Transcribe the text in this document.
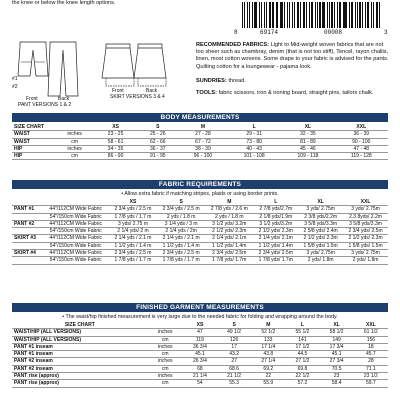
the knee or below the knee length options.
8	69174	00008	3
#1
#2
Front	Back
PANT VERSIONS 1 & 2
Front	Back
SKIRT VERSIONS 3 & 4
RECOMMENDED FABRICS: Light to Mid-weight woven fabrics that are not too sheer such as chambray, denim (that is not too stiff), Tencel, rayon challis, linen, most cotton wovens. Some drape to your fabric is advised for the pants. Quilting cotton for a loungewear - pajama look.
SUNDRIES: thread.
TOOLS: fabric scissors, iron & ironing board, straight pins, tailors chalk.
BODY MEASUREMENTS
SIZE CHART		XS	S	M	L	XL	XXL
WAIST	inches	23 - 25	25 - 26	27 - 28	29 - 31	32 - 35	36 - 39
WAIST	cm	58 - 61	62 - 66	67 - 72	73 - 80	81 - 89	90 - 100
HIP	inches	34 - 35	36 - 37	38 - 39	40 - 43	45 - 46	47 - 48
HIP	cm	86 - 90	91 - 95	96 - 100	101 - 108	109 - 118	119 - 128
FABRIC REQUIREMENTS
• Allow extra fabric if matching stripes, plaids or using border prints.
		XS	S	M	L	XL	XXL
PANT #1	44"/112CM Wide Fabric	2 3/4 yds / 2.5 m	2 3/4 yds / 2.5 m	2 7/8 yds / 2.6 m	2 7/8 yds/2.7m	3 yds/ 2.75m	3 yds/ 2.75m
	54"/150cm Wide Fabric	1 7/8 yds / 1.7 m	2 yds / 1.8 m	2 yds / 1.8 m	2 1/8 yds/1.9m	2 3/8 yds/2.2m	2.3 8yds/ 2.2m
PANT #2	44"/112CM Wide Fabric	3 yds/ 2.75 m	3 1/4 yds / 3 m	3 1/2 yds/ 3.2m	3 1/2 yds/3.2m	3 5/8 yds/3.3m	3 5/8 yds/3.3m
	54"/150cm Wide Fabric	2 1/4 yds/ 2 m	2 1/4 yds / 2m	2 1/2 yds/ 2.3m	2 1/2 yds/ 2.3m	2 5/8 yds/ 2.4m	2 3/4 yds/ 2.5m
SKIRT #3	44"/112CM Wide Fabric	2 1/4 yds / 2.1 m	2 1/4 yds / 2.1 m	2 1/4 yds/ 2.1m	2 1/4 yds/ 2.1m	2 1/2 yds/ 2.3m	2 1/2 yds/ 2.3m
	54"/150cm Wide Fabric	1 1/2 yds / 1.4 m	1 1/2 yds / 1.4 m	1 1/2 yds/ 1.4m	1 1/2 yds/ 1.4m	1 5/8 yds/ 1.5m	1 5/8 yds/ 1.5m
SKIRT #4	44"/112CM Wide Fabric	2 3/4 yds / 2.5 m	2 3/4 yds / 2.5 m	2 3/4 yds/ 2.5m	2 3/4 yds/ 2.5m	3 yds/ 2.75m	3 yds/ 2.75m
	54"/150cm Wide Fabric	1 7/8 yds / 1.7 m	1 7/8 yds / 1.7 m	1 7/8 yds/ 1.7m	1 7/8 yds/ 1.7m	2 yds/ 1.8m	2 yds/ 1.8m
FINISHED GARMENT MEASUREMENTS
• The waist/hip finished measurement is very large due to the needed fabric for folding and wrapping around the body.
SIZE CHART		XS	S	M	L	XL	XXL
WAIST/HIP (ALL VERSIONS)	inches	47	49 1/2	52 1/2	55 1/2	58 1/2	61 1/2
WAIST/HIP (ALL VERSIONS)	cm	119	126	133	141	149	156
PANT #1 inseam	inches	36 3/4	17	17 1/4	17 1/2	17 3/4	18
PANT #1 inseam	cm	45.1	43.2	43.8	44.5	45.1	45.7
PANT #2 inseam	inches	26 3/4	27	27 1/4	27 1/2	27 3/4	28
PANT #2 inseam	cm	68	68.6	69.2	69.8	70.5	71.1
PANT rise (approx)	inches	21 1/4	21 1/2	22	22 1/2	23	23 1/2
PANT rise (approx)	cm	54	55.3	55.9	57.2	58.4	59.7
